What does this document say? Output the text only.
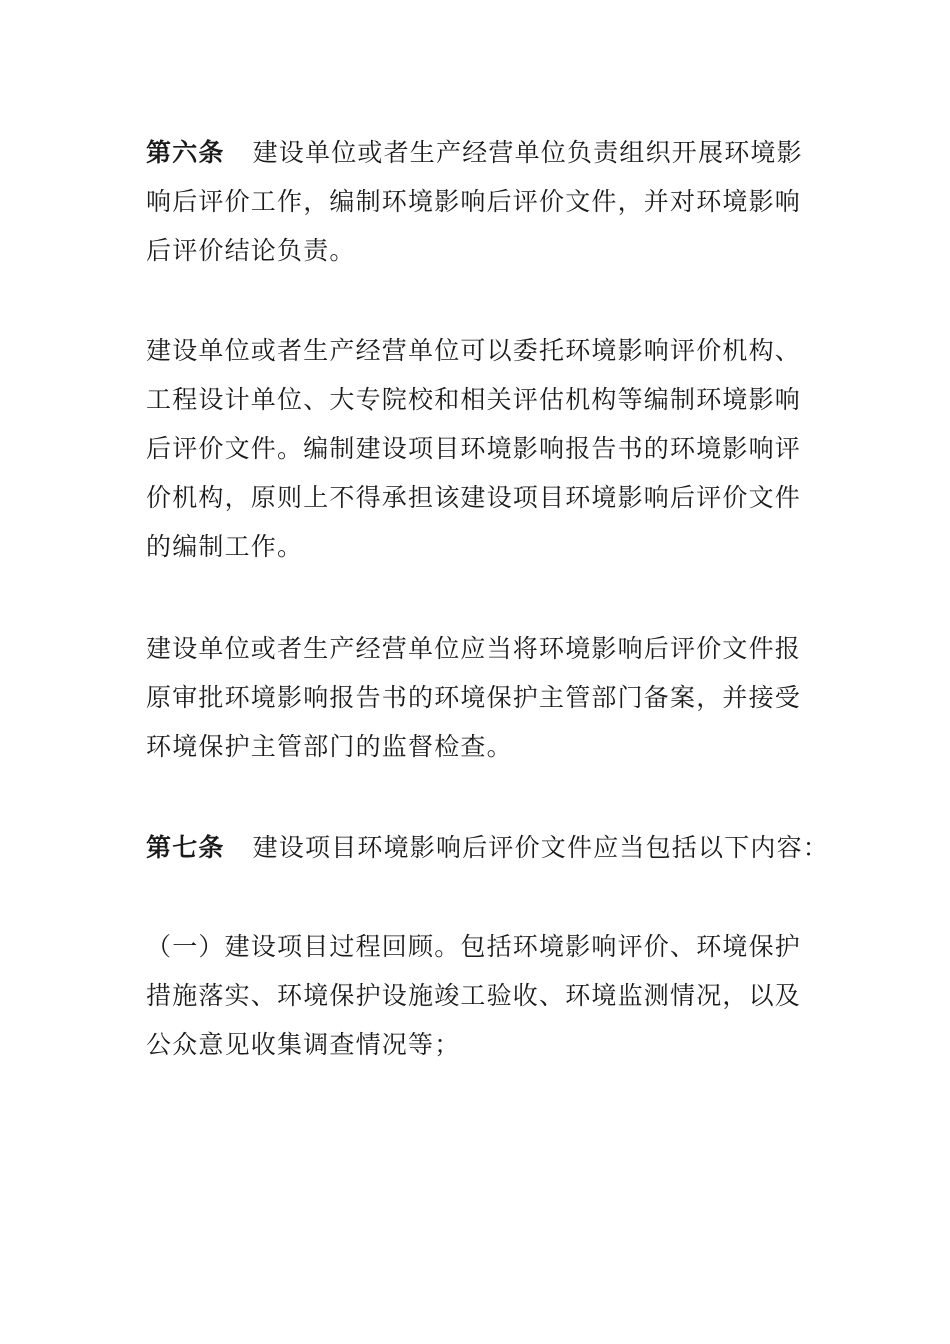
第六条 建设单位或者生产经营单位负责组织开展环境影
响后评价工作，编制环境影响后评价文件，并对环境影响
后评价结论负责。

建设单位或者生产经营单位可以委托环境影响评价机构、
工程设计单位、大专院校和相关评估机构等编制环境影响
后评价文件。编制建设项目环境影响报告书的环境影响评
价机构，原则上不得承担该建设项目环境影响后评价文件
的编制工作。

建设单位或者生产经营单位应当将环境影响后评价文件报
原审批环境影响报告书的环境保护主管部门备案，并接受
环境保护主管部门的监督检查。

第七条 建设项目环境影响后评价文件应当包括以下内容：

（一）建设项目过程回顾。包括环境影响评价、环境保护
措施落实、环境保护设施竣工验收、环境监测情况，以及
公众意见收集调查情况等；
